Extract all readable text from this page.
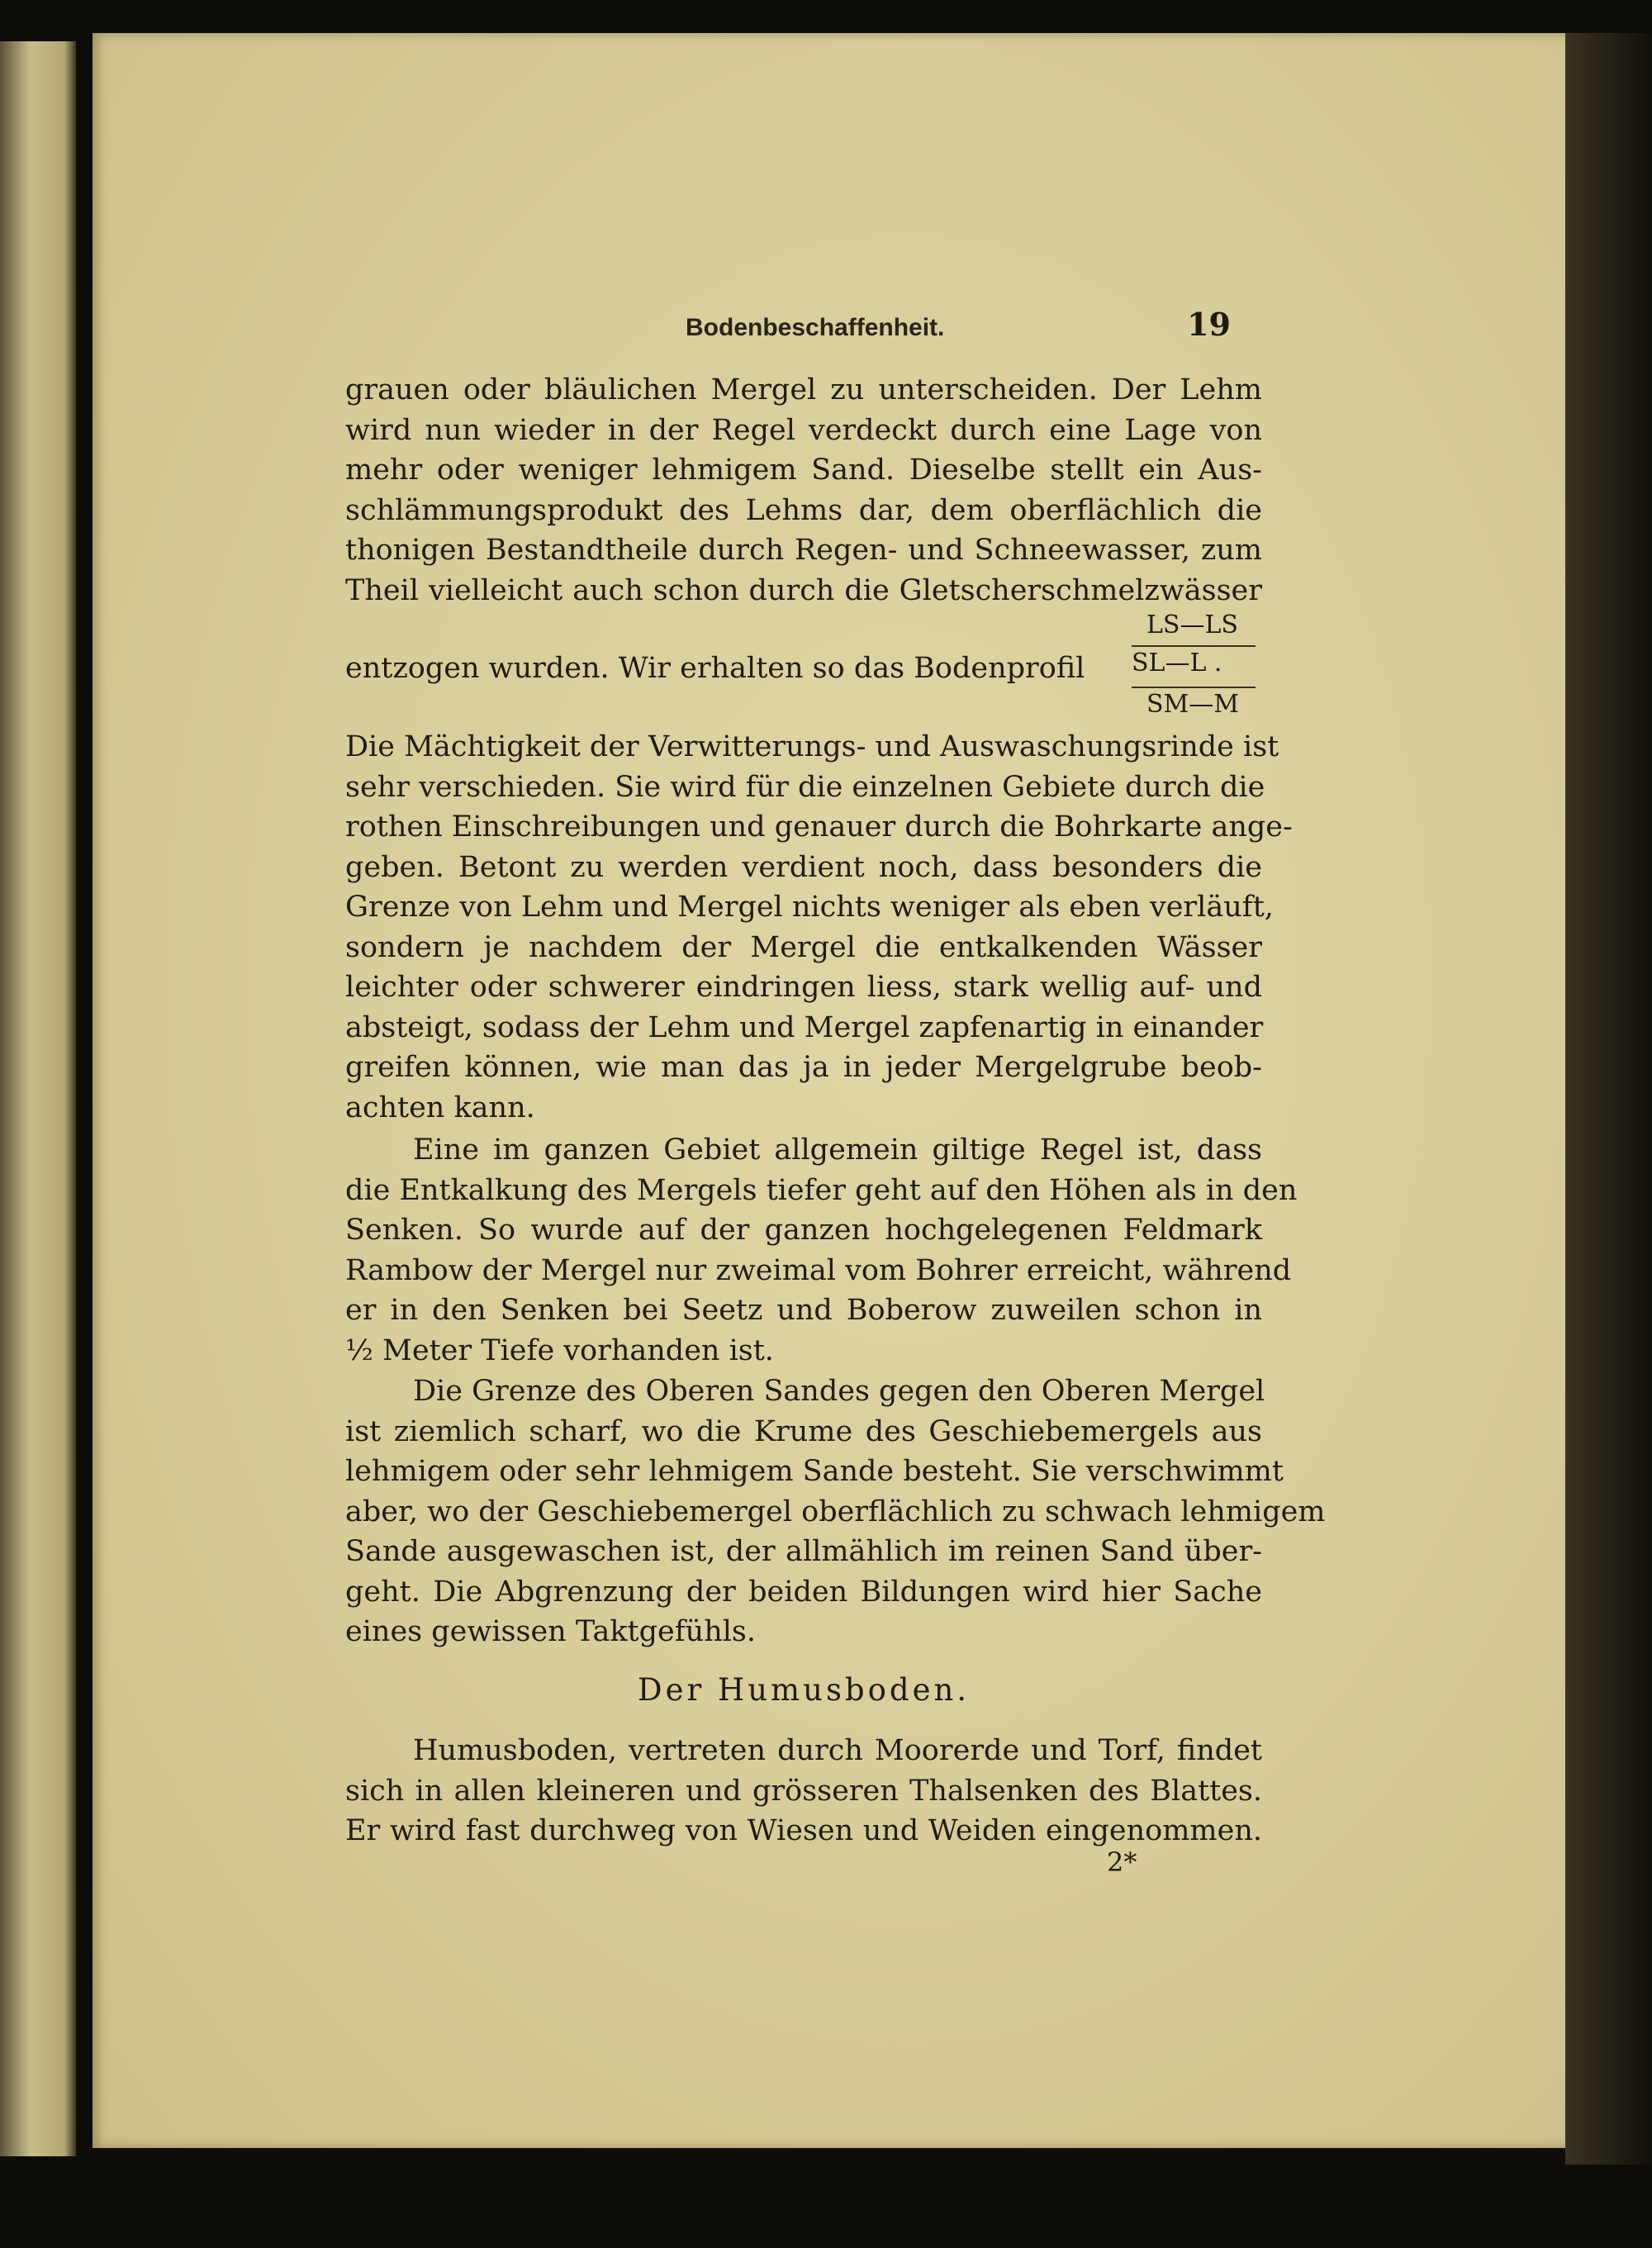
Bodenbeschaffenheit.	19
grauen oder bläulichen Mergel zu unterscheiden. Der Lehm
wird nun wieder in der Regel verdeckt durch eine Lage von
mehr oder weniger lehmigem Sand. Dieselbe stellt ein Aus-
schlämmungsprodukt des Lehms dar, dem oberflächlich die
thonigen Bestandtheile durch Regen- und Schneewasser, zum
Theil vielleicht auch schon durch die Gletscherschmelzwässer
entzogen wurden. Wir erhalten so das Bodenprofil
LS—LS
SL—L .
SM—M
Die Mächtigkeit der Verwitterungs- und Auswaschungsrinde ist
sehr verschieden. Sie wird für die einzelnen Gebiete durch die
rothen Einschreibungen und genauer durch die Bohrkarte ange-
geben. Betont zu werden verdient noch, dass besonders die
Grenze von Lehm und Mergel nichts weniger als eben verläuft,
sondern je nachdem der Mergel die entkalkenden Wässer
leichter oder schwerer eindringen liess, stark wellig auf- und
absteigt, sodass der Lehm und Mergel zapfenartig in einander
greifen können, wie man das ja in jeder Mergelgrube beob-
achten kann.
Eine im ganzen Gebiet allgemein giltige Regel ist, dass
die Entkalkung des Mergels tiefer geht auf den Höhen als in den
Senken. So wurde auf der ganzen hochgelegenen Feldmark
Rambow der Mergel nur zweimal vom Bohrer erreicht, während
er in den Senken bei Seetz und Boberow zuweilen schon in
½ Meter Tiefe vorhanden ist.
Die Grenze des Oberen Sandes gegen den Oberen Mergel
ist ziemlich scharf, wo die Krume des Geschiebemergels aus
lehmigem oder sehr lehmigem Sande besteht. Sie verschwimmt
aber, wo der Geschiebemergel oberflächlich zu schwach lehmigem
Sande ausgewaschen ist, der allmählich im reinen Sand über-
geht. Die Abgrenzung der beiden Bildungen wird hier Sache
eines gewissen Taktgefühls.
Der Humusboden.
Humusboden, vertreten durch Moorerde und Torf, findet
sich in allen kleineren und grösseren Thalsenken des Blattes.
Er wird fast durchweg von Wiesen und Weiden eingenommen.
2*
